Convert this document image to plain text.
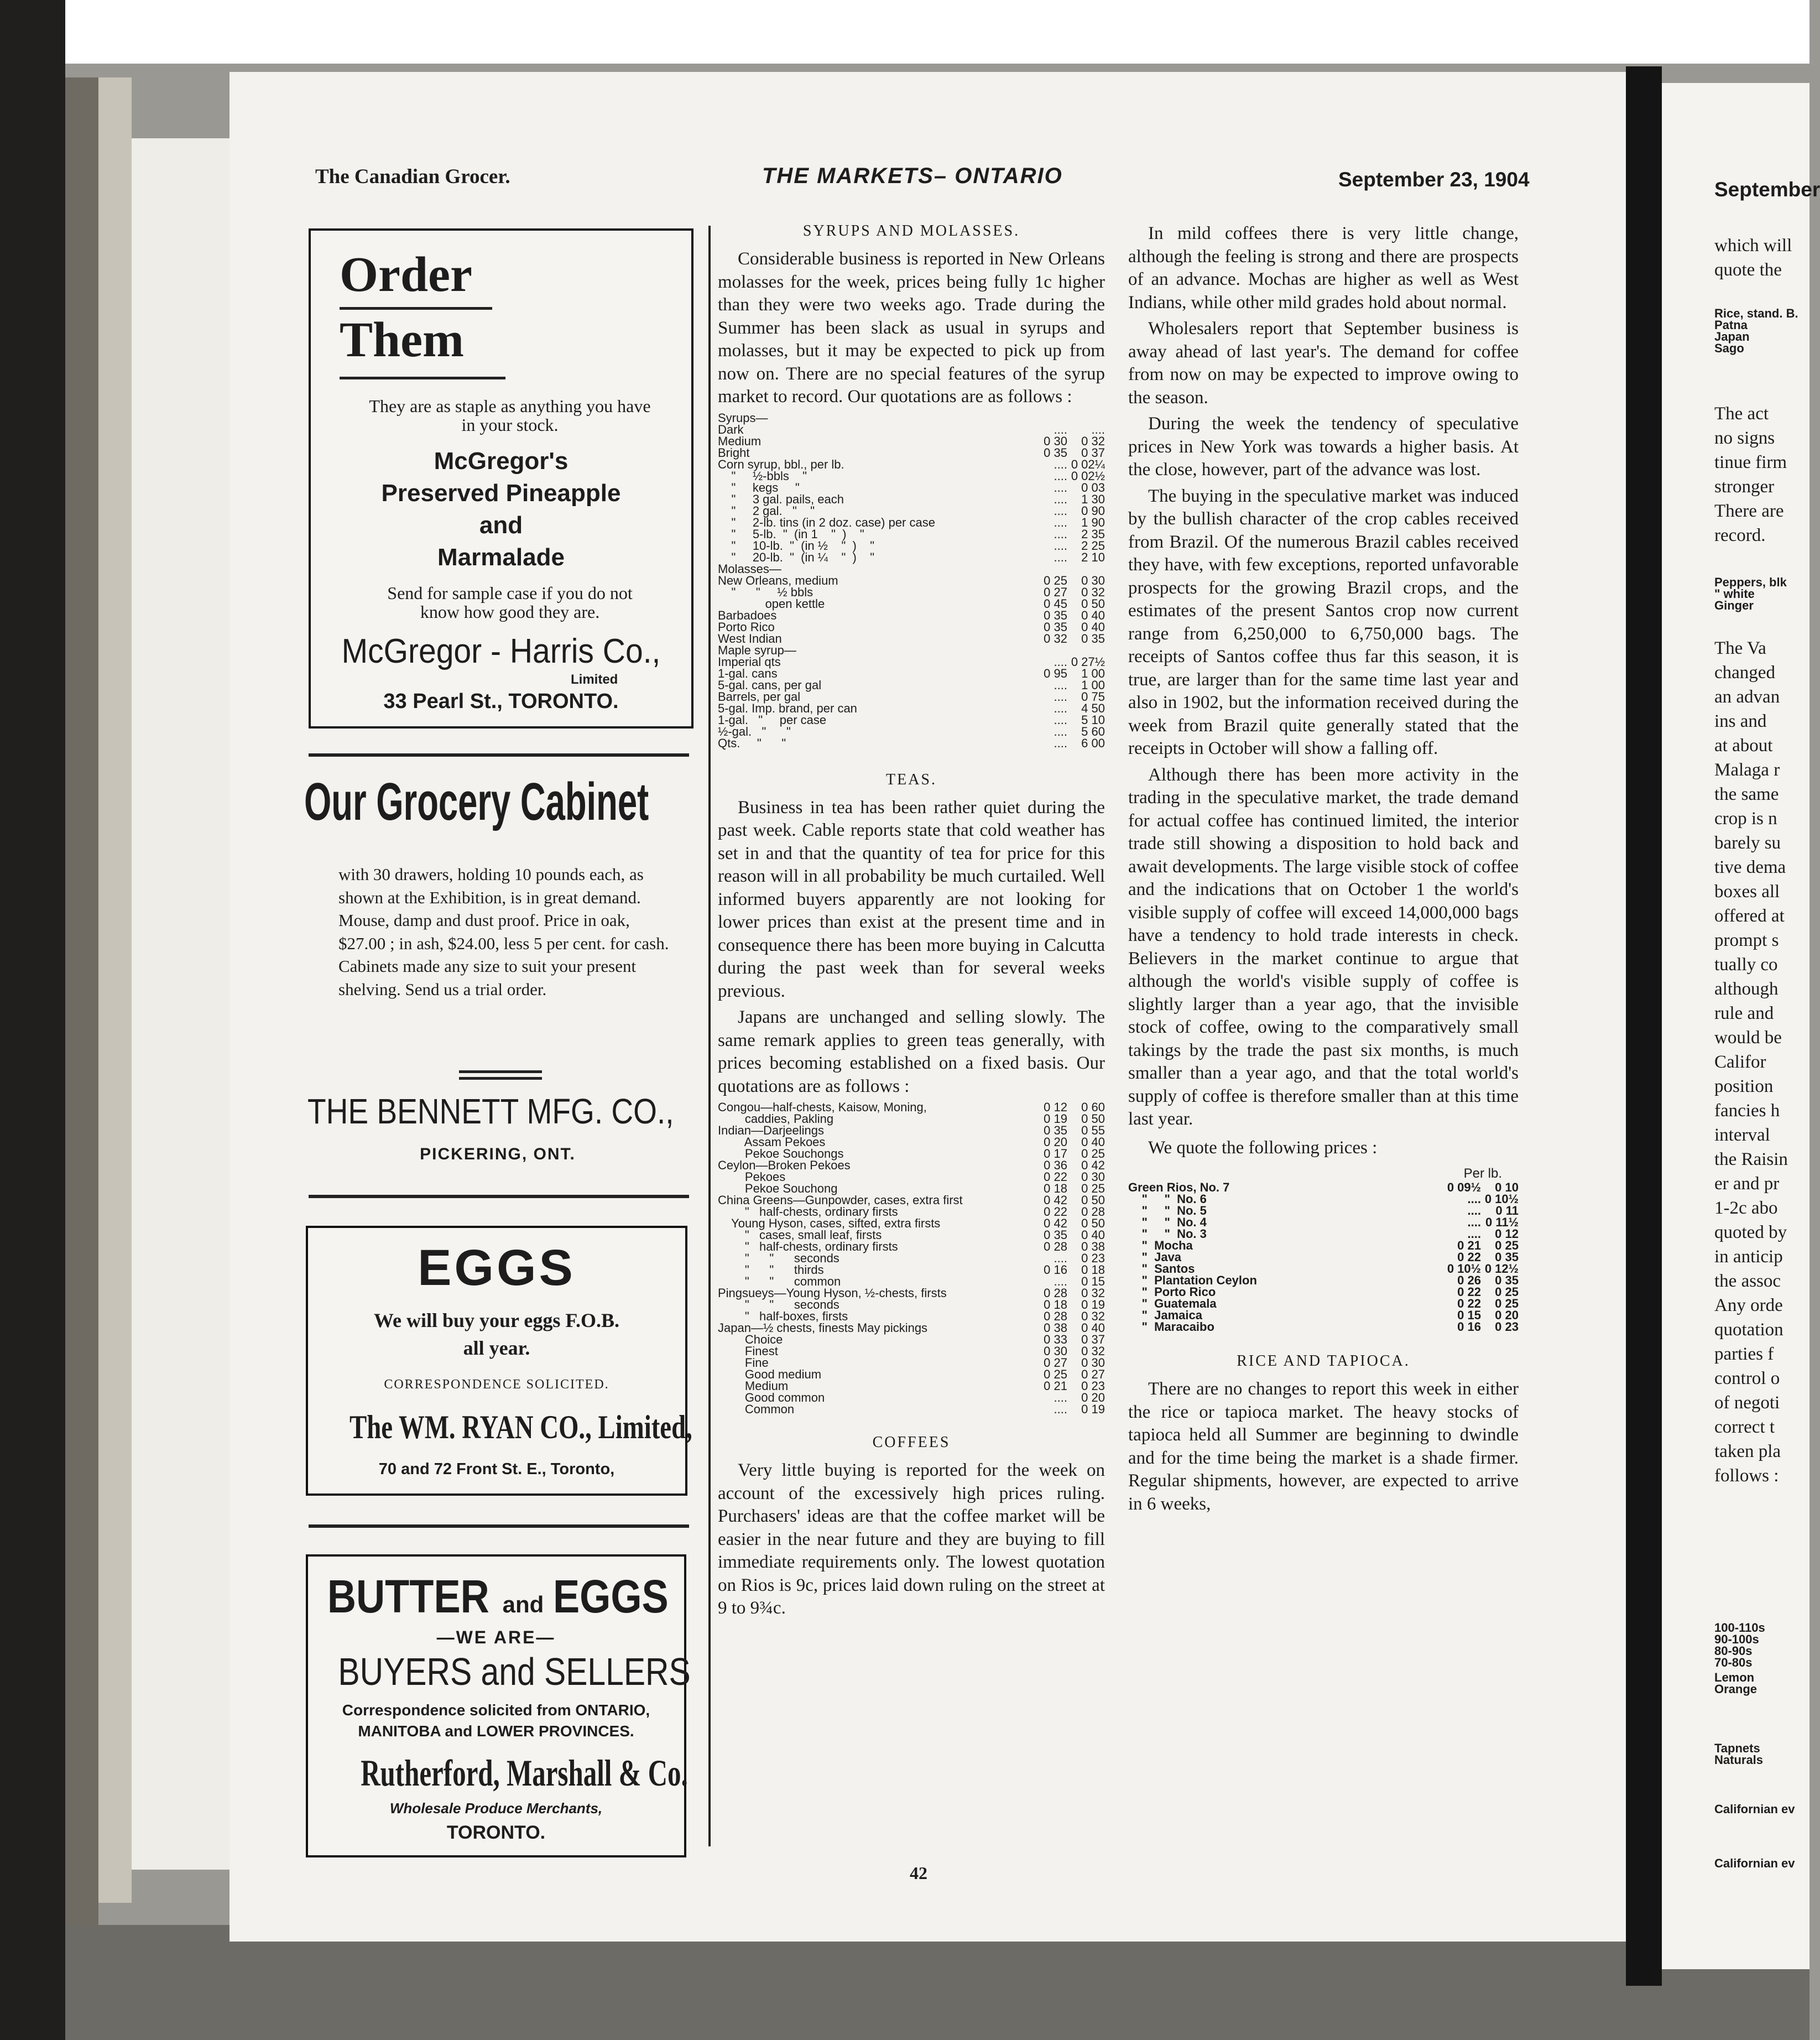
The Canadian Grocer.	THE MARKETS– ONTARIO	September 23, 1904
Order
Them
They are as staple as anything you have in your stock.
McGregor's
Preserved Pineapple
and
Marmalade
Send for sample case if you do not know how good they are.
McGregor - Harris Co.,
Limited
33 Pearl St., TORONTO.
Our Grocery Cabinet
with 30 drawers, holding 10 pounds each, as shown at the Exhibition, is in great demand. Mouse, damp and dust proof. Price in oak, $27.00 ; in ash, $24.00, less 5 per cent. for cash. Cabinets made any size to suit your present shelving. Send us a trial order.
THE BENNETT MFG. CO.,
PICKERING, ONT.
EGGS
We will buy your eggs F.O.B.
all year.
CORRESPONDENCE SOLICITED.
The WM. RYAN CO., Limited,
70 and 72 Front St. E., Toronto,
BUTTER and EGGS
—WE ARE—
BUYERS and SELLERS
Correspondence solicited from ONTARIO,
MANITOBA and LOWER PROVINCES.
Rutherford, Marshall & Co.
Wholesale Produce Merchants,
TORONTO.
SYRUPS AND MOLASSES.

Considerable business is reported in New Orleans molasses for the week, prices being fully 1c higher than they were two weeks ago. Trade during the Summer has been slack as usual in syrups and molasses, but it may be expected to pick up from now on. There are no special features of the syrup market to record. Our quotations are as follows :

Syrups—		
Dark	....	....
Medium	0 30	0 32
Bright	0 35	0 37
Corn syrup, bbl., per lb.	....	0 02¼
"     ½-bbls    "	....	0 02½
"     kegs     "	....	0 03
"     3 gal. pails, each	....	1 30
"     2 gal.   "    "	....	0 90
"     2-lb. tins (in 2 doz. case) per case	....	1 90
"     5-lb.  "  (in 1    "  )    "	....	2 35
"     10-lb.  "  (in ½    "  )    "	....	2 25
"     20-lb.  "  (in ¼    "  )    "	....	2 10
Molasses—		
New Orleans, medium	0 25	0 30
"      "     ½ bbls	0 27	0 32
open kettle	0 45	0 50
Barbadoes	0 35	0 40
Porto Rico	0 35	0 40
West Indian	0 32	0 35
Maple syrup—		
Imperial qts	....	0 27½
1-gal. cans	0 95	1 00
5-gal. cans, per gal	....	1 00
Barrels, per gal	....	0 75
5-gal. Imp. brand, per can	....	4 50
1-gal.   "     per case	....	5 10
½-gal.   "      "	....	5 60
Qts.     "      "	....	6 00
TEAS.

Business in tea has been rather quiet during the past week. Cable reports state that cold weather has set in and that the quantity of tea for price for this reason will in all probability be much curtailed. Well informed buyers apparently are not looking for lower prices than exist at the present time and in consequence there has been more buying in Calcutta during the past week than for several weeks previous.

Japans are unchanged and selling slowly. The same remark applies to green teas generally, with prices becoming established on a fixed basis. Our quotations are as follows :

Congou—half-chests, Kaisow, Moning,	0 12	0 60
caddies, Pakling	0 19	0 50
Indian—Darjeelings	0 35	0 55
Assam Pekoes	0 20	0 40
Pekoe Souchongs	0 17	0 25
Ceylon—Broken Pekoes	0 36	0 42
Pekoes	0 22	0 30
Pekoe Souchong	0 18	0 25
China Greens—Gunpowder, cases, extra first	0 42	0 50
"   half-chests, ordinary firsts	0 22	0 28
Young Hyson, cases, sifted, extra firsts	0 42	0 50
"   cases, small leaf, firsts	0 35	0 40
"   half-chests, ordinary firsts	0 28	0 38
"      "      seconds	....	0 23
"      "      thirds	0 16	0 18
"      "      common	....	0 15
Pingsueys—Young Hyson, ½-chests, firsts	0 28	0 32
"      "      seconds	0 18	0 19
"   half-boxes, firsts	0 28	0 32
Japan—½ chests, finests May pickings	0 38	0 40
Choice	0 33	0 37
Finest	0 30	0 32
Fine	0 27	0 30
Good medium	0 25	0 27
Medium	0 21	0 23
Good common	....	0 20
Common	....	0 19
COFFEES

Very little buying is reported for the week on account of the excessively high prices ruling. Purchasers' ideas are that the coffee market will be easier in the near future and they are buying to fill immediate requirements only. The lowest quotation on Rios is 9c, prices laid down ruling on the street at 9 to 9¾c.

42

In mild coffees there is very little change, although the feeling is strong and there are prospects of an advance. Mochas are higher as well as West Indians, while other mild grades hold about normal.

Wholesalers report that September business is away ahead of last year's. The demand for coffee from now on may be expected to improve owing to the season.

During the week the tendency of speculative prices in New York was towards a higher basis. At the close, however, part of the advance was lost.

The buying in the speculative market was induced by the bullish character of the crop cables received from Brazil. Of the numerous Brazil cables received they have, with few exceptions, reported unfavorable prospects for the growing Brazil crops, and the estimates of the present Santos crop now current range from 6,250,000 to 6,750,000 bags. The receipts of Santos coffee thus far this season, it is true, are larger than for the same time last year and also in 1902, but the information received during the week from Brazil quite generally stated that the receipts in October will show a falling off.

Although there has been more activity in the trading in the speculative market, the trade demand for actual coffee has continued limited, the interior trade still showing a disposition to hold back and await developments. The large visible stock of coffee and the indications that on October 1 the world's visible supply of coffee will exceed 14,000,000 bags have a tendency to hold trade interests in check. Believers in the market continue to argue that although the world's visible supply of coffee is slightly larger than a year ago, that the invisible stock of coffee, owing to the comparatively small takings by the trade the past six months, is much smaller than a year ago, and that the total world's supply of coffee is therefore smaller than at this time last year.

We quote the following prices :

Per lb.
Green Rios, No. 7	0 09½	0 10
"     "  No. 6	....	0 10½
"     "  No. 5	....	0 11
"     "  No. 4	....	0 11½
"     "  No. 3	....	0 12
"  Mocha	0 21	0 25
"  Java	0 22	0 35
"  Santos	0 10½	0 12½
"  Plantation Ceylon	0 26	0 35
"  Porto Rico	0 22	0 25
"  Guatemala	0 22	0 25
"  Jamaica	0 15	0 20
"  Maracaibo	0 16	0 23
RICE AND TAPIOCA.

There are no changes to report this week in either the rice or tapioca market. The heavy stocks of tapioca held all Summer are beginning to dwindle and for the time being the market is a shade firmer. Regular shipments, however, are expected to arrive in 6 weeks,

September
which will
quote the
Rice, stand. B.
Patna
Japan
Sago
The act
no signs
tinue firm
stronger
There are
record.
Peppers, blk
" white
Ginger
The Va
changed
an advan
ins and
at about
Malaga r
the same
crop is n
barely su
tive dema
boxes all
offered at
prompt s
tually co
although
rule and
would be
Califor
position
fancies h
interval
the Raisin
er and pr
1-2c abo
quoted by
in anticip
the assoc
Any orde
quotation
parties f
control o
of negoti
correct t
taken pla
follows :
100-110s
90-100s
80-90s
70-80s
Lemon
Orange
Tapnets
Naturals
Californian ev
Californian ev
